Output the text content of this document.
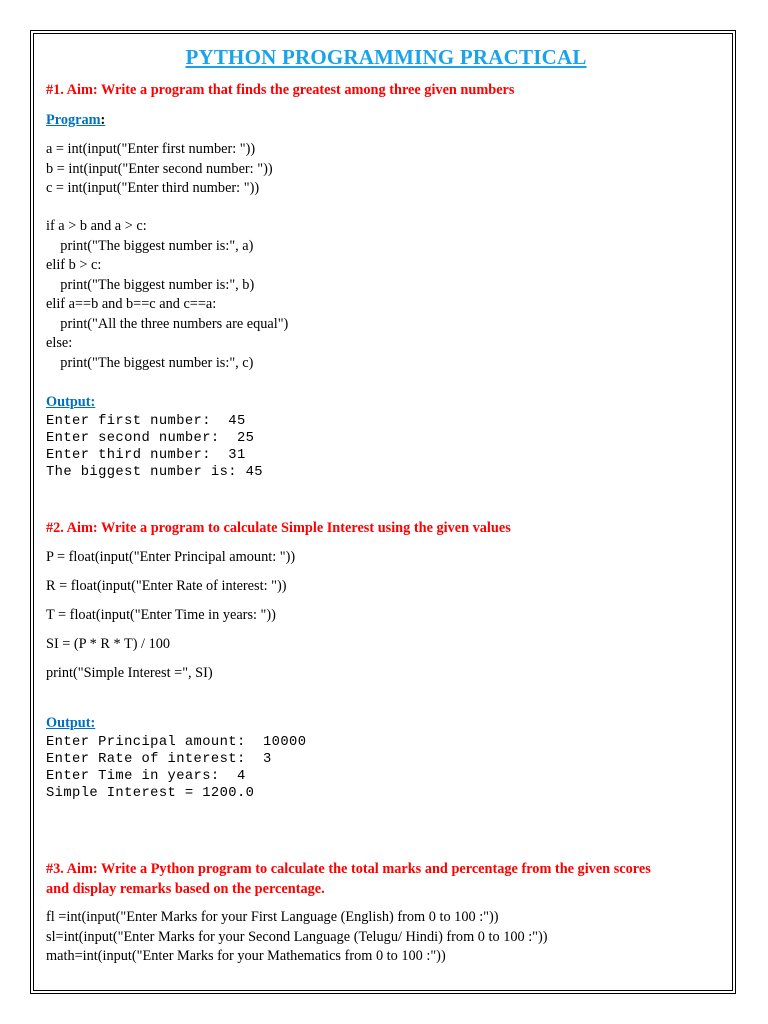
PYTHON PROGRAMMING PRACTICAL

#1. Aim: Write a program that finds the greatest among three given numbers

Program:

a = int(input("Enter first number: "))
b = int(input("Enter second number: "))
c = int(input("Enter third number: "))

if a > b and a > c:
print("The biggest number is:", a)
elif b > c:
print("The biggest number is:", b)
elif a==b and b==c and c==a:
print("All the three numbers are equal")
else:
print("The biggest number is:", c)

Output:

Enter first number:  45
Enter second number:  25
Enter third number:  31
The biggest number is: 45

#2. Aim: Write a program to calculate Simple Interest using the given values

P = float(input("Enter Principal amount: "))

R = float(input("Enter Rate of interest: "))

T = float(input("Enter Time in years: "))

SI = (P * R * T) / 100

print("Simple Interest =", SI)

Output:

Enter Principal amount:  10000
Enter Rate of interest:  3
Enter Time in years:  4
Simple Interest = 1200.0

#3. Aim: Write a Python program to calculate the total marks and percentage from the given scores

and display remarks based on the percentage.

fl =int(input("Enter Marks for your First Language (English) from 0 to 100 :"))
sl=int(input("Enter Marks for your Second Language (Telugu/ Hindi) from 0 to 100 :"))
math=int(input("Enter Marks for your Mathematics from 0 to 100 :"))
